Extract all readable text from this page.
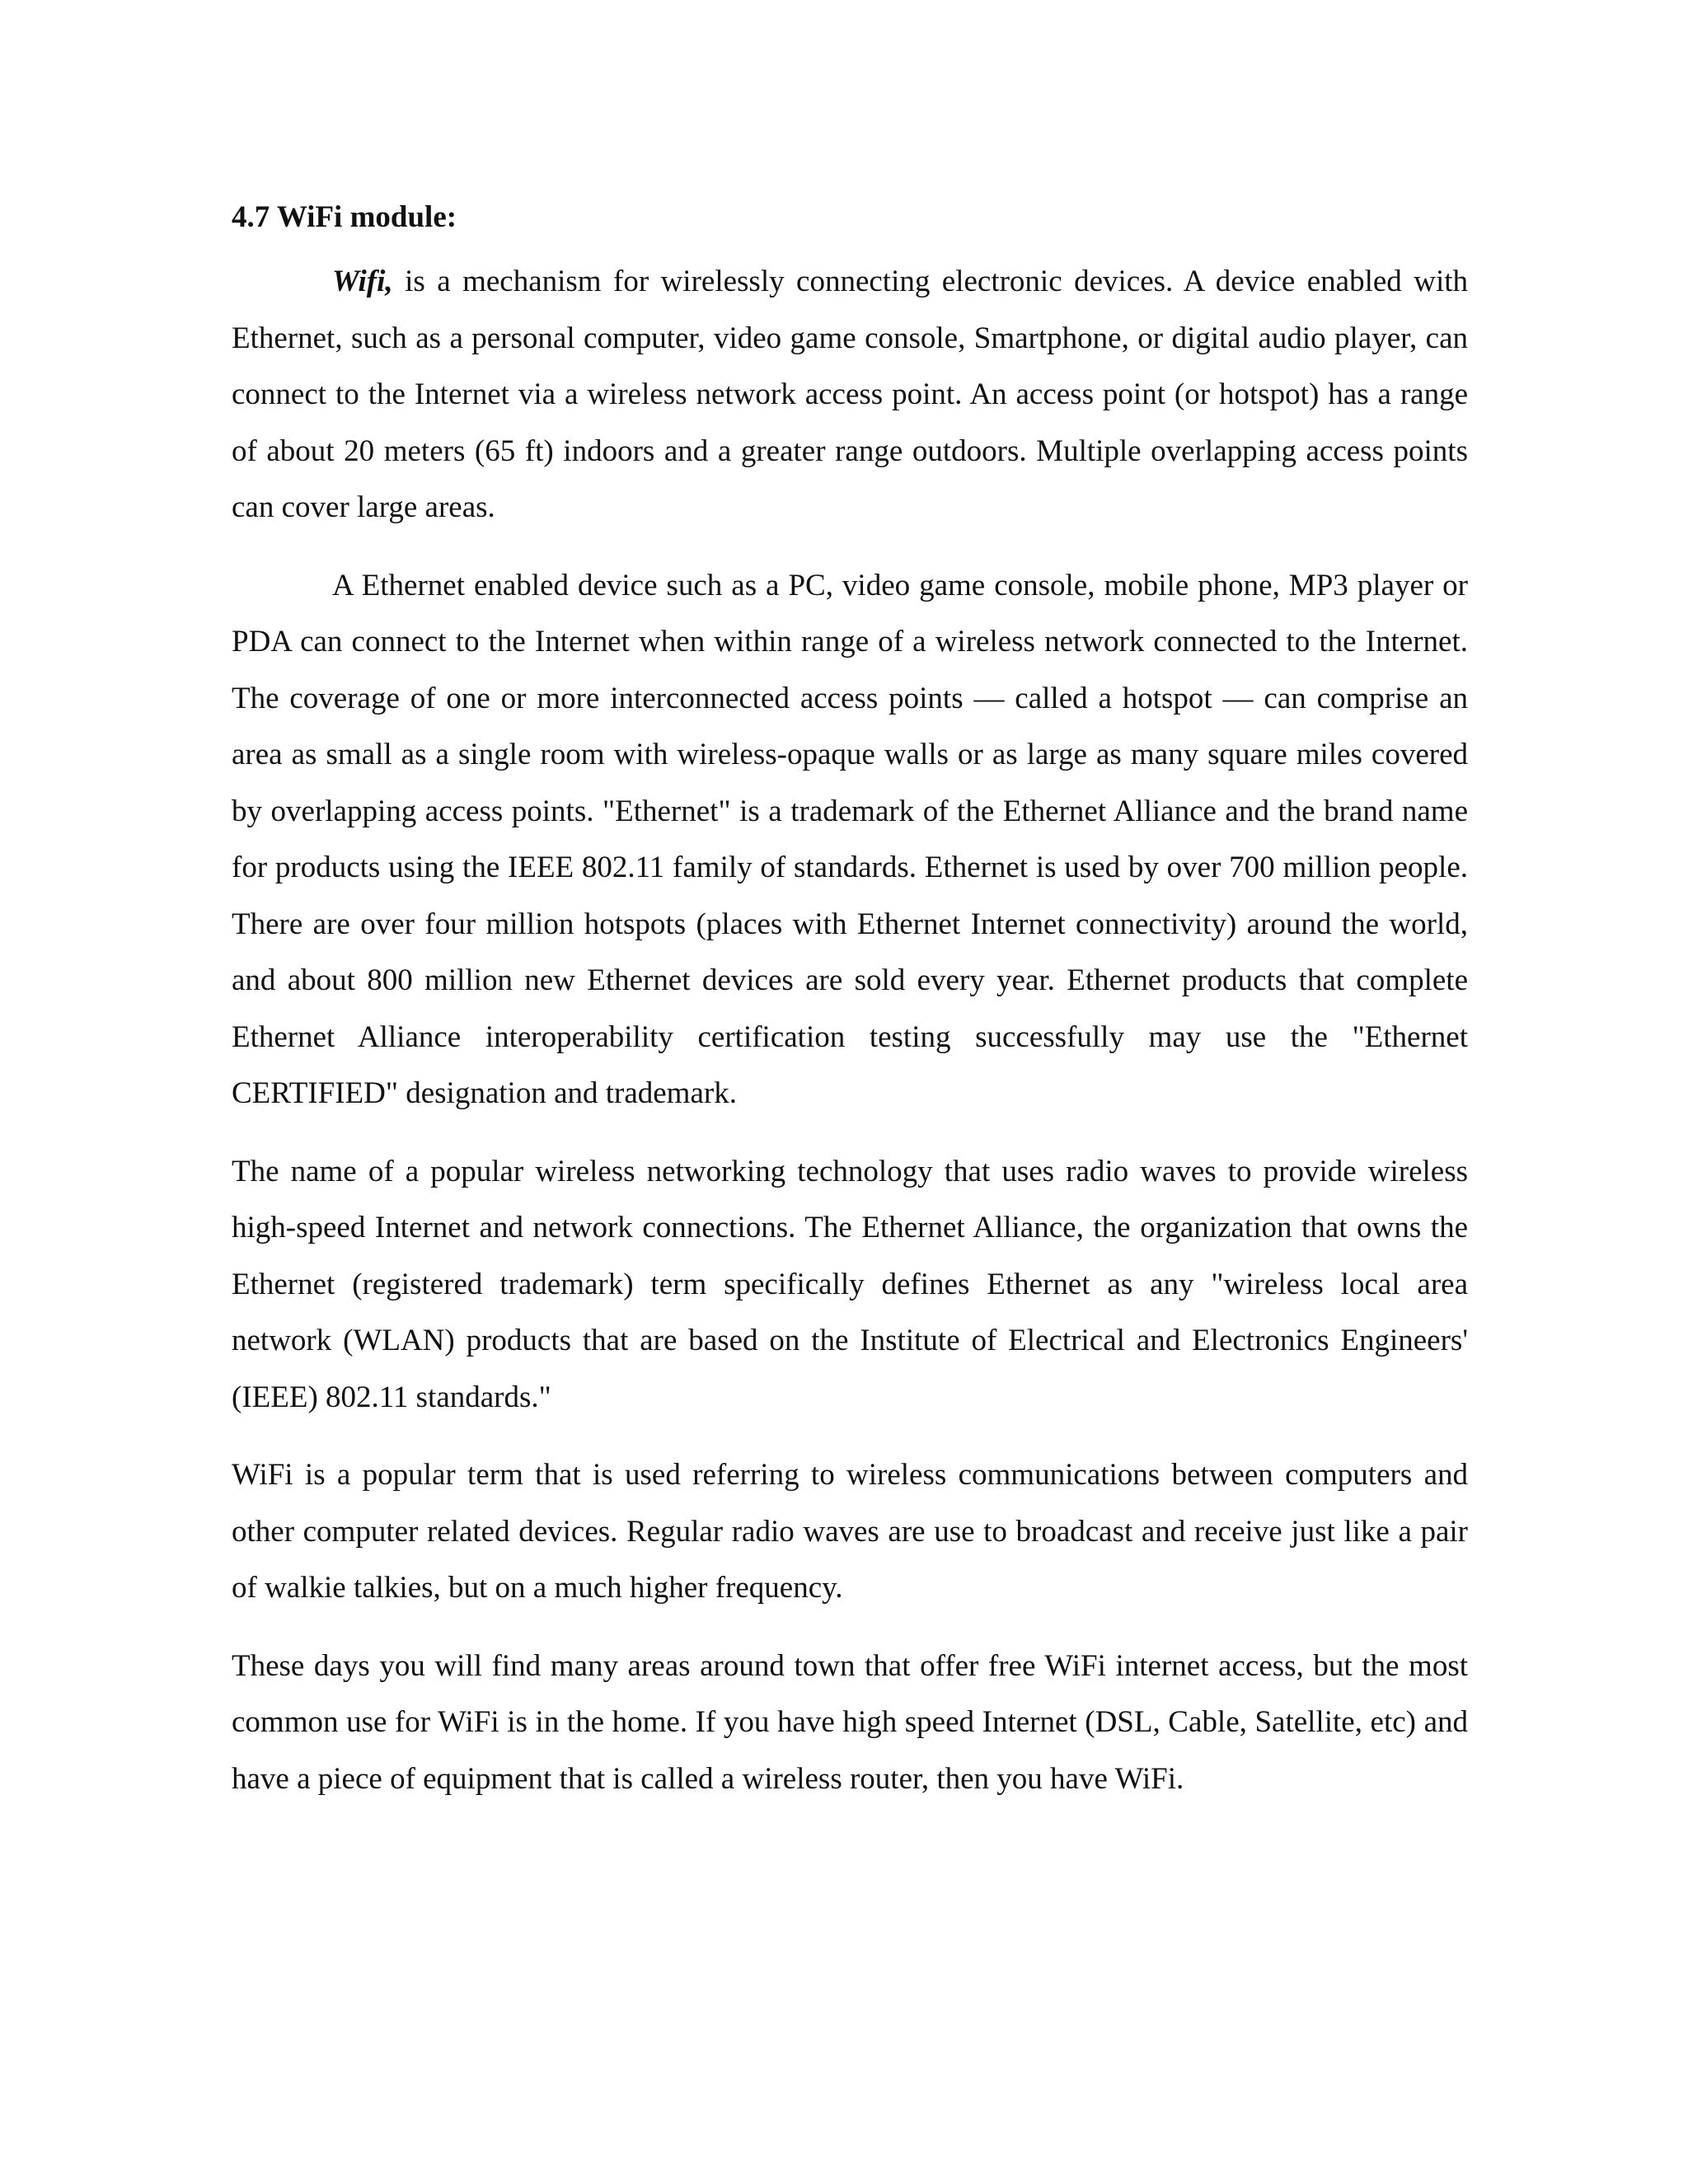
4.7 WiFi module:

Wifi, is a mechanism for wirelessly connecting electronic devices. A device enabled with Ethernet, such as a personal computer, video game console, Smartphone, or digital audio player, can connect to the Internet via a wireless network access point. An access point (or hotspot) has a range of about 20 meters (65 ft) indoors and a greater range outdoors. Multiple overlapping access points can cover large areas.

A Ethernet enabled device such as a PC, video game console, mobile phone, MP3 player or PDA can connect to the Internet when within range of a wireless network connected to the Internet. The coverage of one or more interconnected access points — called a hotspot — can comprise an area as small as a single room with wireless-opaque walls or as large as many square miles covered by overlapping access points. "Ethernet" is a trademark of the Ethernet Alliance and the brand name for products using the IEEE 802.11 family of standards. Ethernet is used by over 700 million people. There are over four million hotspots (places with Ethernet Internet connectivity) around the world, and about 800 million new Ethernet devices are sold every year. Ethernet products that complete Ethernet Alliance interoperability certification testing successfully may use the "Ethernet CERTIFIED" designation and trademark.

The name of a popular wireless networking technology that uses radio waves to provide wireless high-speed Internet and network connections. The Ethernet Alliance, the organization that owns the Ethernet (registered trademark) term specifically defines Ethernet as any "wireless local area network (WLAN) products that are based on the Institute of Electrical and Electronics Engineers' (IEEE) 802.11 standards."

WiFi is a popular term that is used referring to wireless communications between computers and other computer related devices. Regular radio waves are use to broadcast and receive just like a pair of walkie talkies, but on a much higher frequency.

These days you will find many areas around town that offer free WiFi internet access, but the most common use for WiFi is in the home. If you have high speed Internet (DSL, Cable, Satellite, etc) and have a piece of equipment that is called a wireless router, then you have WiFi.
